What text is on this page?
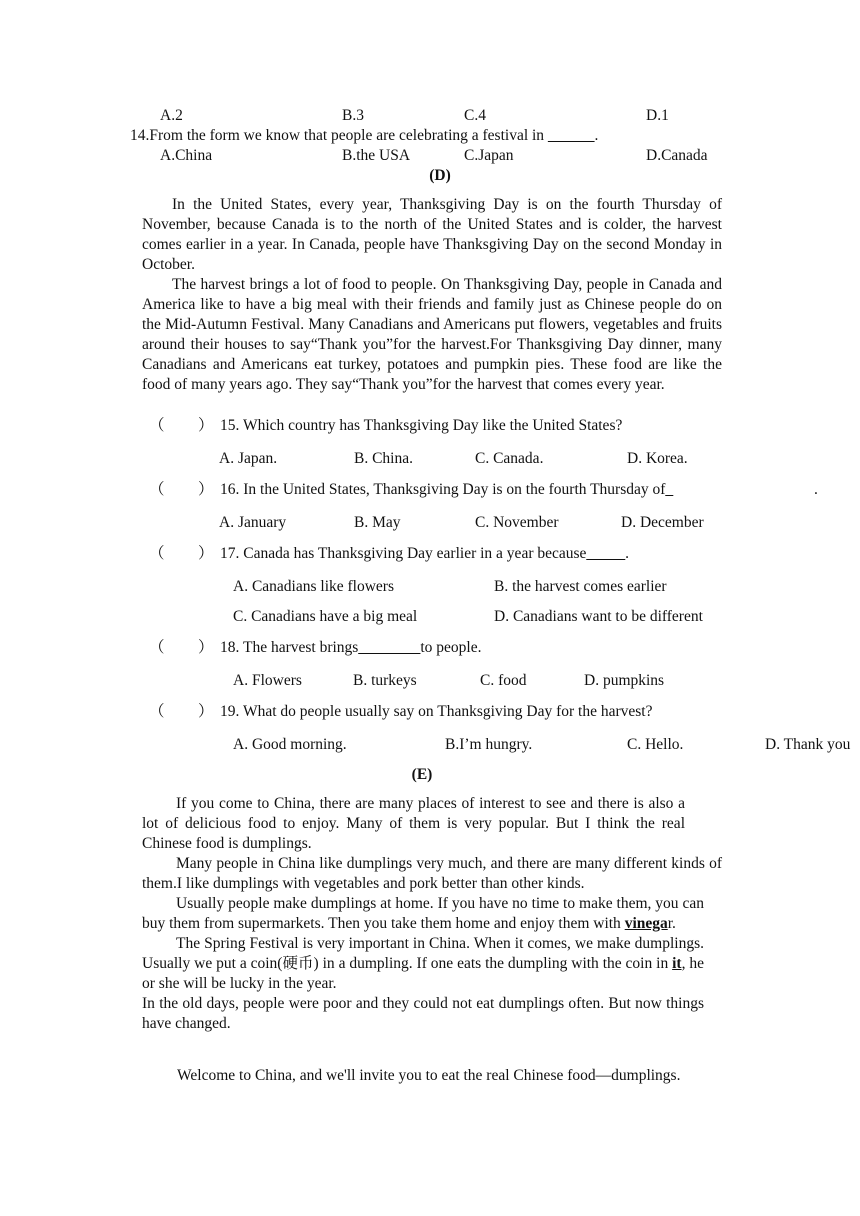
A.2	B.3	C.4	D.1
14.From the form we know that people are celebrating a festival in ______.
A.China	B.the USA	C.Japan	D.Canada
(D)

In the United States, every year, Thanksgiving Day is on the fourth Thursday of November, because Canada is to the north of the United States and is colder, the harvest comes earlier in a year. In Canada, people have Thanksgiving Day on the second Monday in October.

The harvest brings a lot of food to people. On Thanksgiving Day, people in Canada and America like to have a big meal with their friends and family just as Chinese people do on the Mid-Autumn Festival. Many Canadians and Americans put flowers, vegetables and fruits around their houses to say“Thank you”for the harvest.For Thanksgiving Day dinner, many Canadians and Americans eat turkey, potatoes and pumpkin pies. These food are like the food of many years ago. They say“Thank you”for the harvest that comes every year.

（ ） 15. Which country has Thanksgiving Day like the United States?
A. Japan.	B. China.	C. Canada.	D. Korea.
（ ） 16. In the United States, Thanksgiving Day is on the fourth Thursday of_	.
A. January	B. May	C. November	D. December
（ ） 17. Canada has Thanksgiving Day earlier in a year because_____.
A. Canadians like flowers	B. the harvest comes earlier
C. Canadians have a big meal	D. Canadians want to be different
（ ） 18. The harvest brings________to people.
A. Flowers	B. turkeys	C. food	D. pumpkins
（ ） 19. What do people usually say on Thanksgiving Day for the harvest?
A. Good morning.	B.I’m hungry.	C. Hello.	D. Thank you
(E)

If you come to China, there are many places of interest to see and there is also a lot of delicious food to enjoy. Many of them is very popular. But I think the real Chinese food is dumplings.

Many people in China like dumplings very much, and there are many different kinds of them.I like dumplings with vegetables and pork better than other kinds.

Usually people make dumplings at home. If you have no time to make them, you can buy them from supermarkets. Then you take them home and enjoy them with vinegar.

The Spring Festival is very important in China. When it comes, we make dumplings. Usually we put a coin(硬币) in a dumpling. If one eats the dumpling with the coin in it, he or she will be lucky in the year.

In the old days, people were poor and they could not eat dumplings often. But now things have changed.

Welcome to China, and we'll invite you to eat the real Chinese food—dumplings.
